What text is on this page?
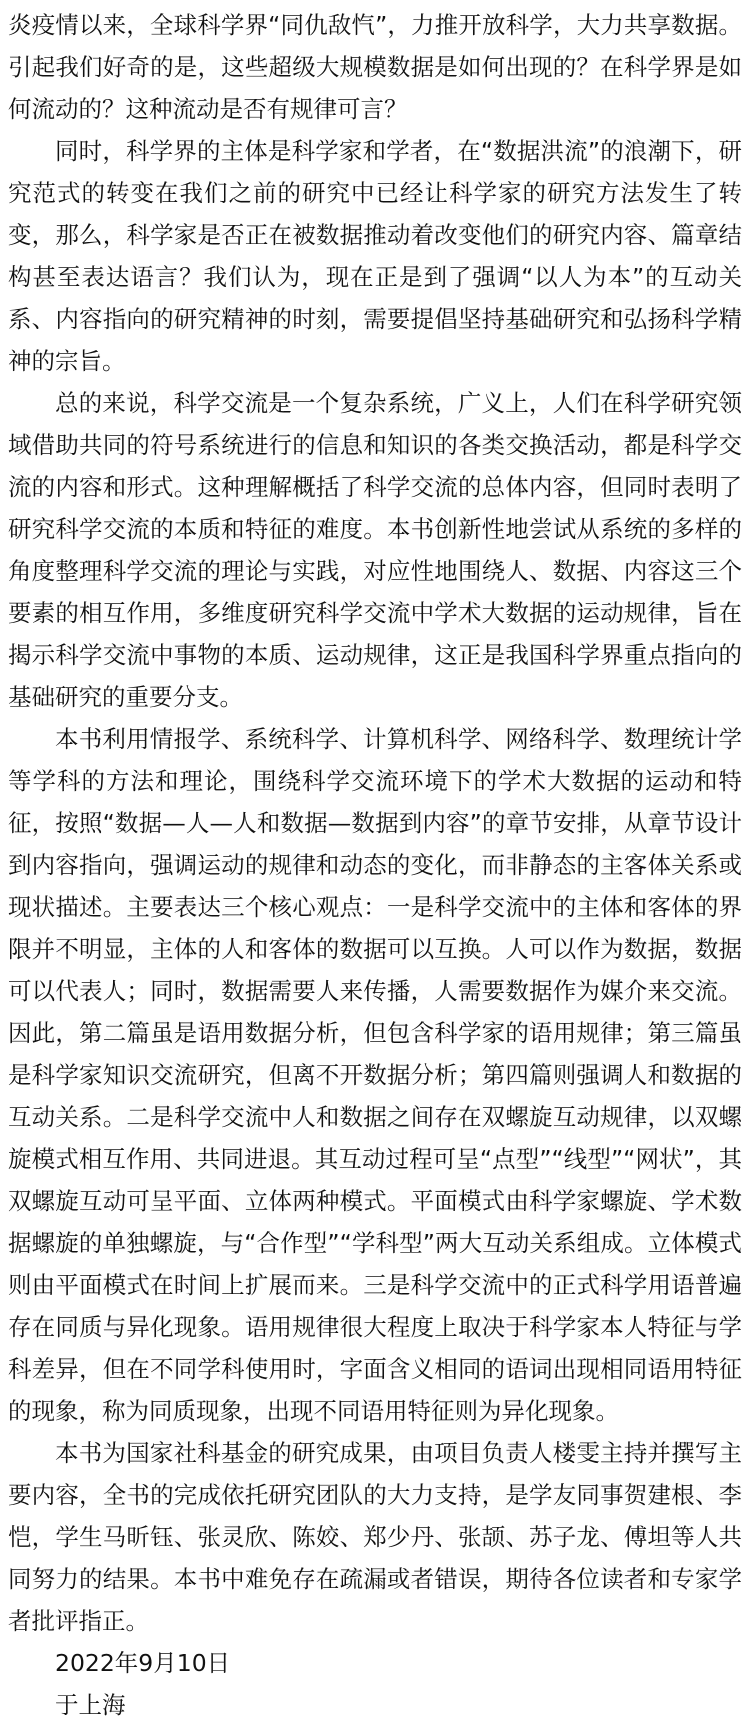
炎疫情以来，全球科学界“同仇敌忾”，力推开放科学，大力共享数据。引起我们好奇的是，这些超级大规模数据是如何出现的？在科学界是如何流动的？这种流动是否有规律可言？

同时，科学界的主体是科学家和学者，在“数据洪流”的浪潮下，研究范式的转变在我们之前的研究中已经让科学家的研究方法发生了转变，那么，科学家是否正在被数据推动着改变他们的研究内容、篇章结构甚至表达语言？我们认为，现在正是到了强调“以人为本”的互动关系、内容指向的研究精神的时刻，需要提倡坚持基础研究和弘扬科学精神的宗旨。

总的来说，科学交流是一个复杂系统，广义上，人们在科学研究领域借助共同的符号系统进行的信息和知识的各类交换活动，都是科学交流的内容和形式。这种理解概括了科学交流的总体内容，但同时表明了研究科学交流的本质和特征的难度。本书创新性地尝试从系统的多样的角度整理科学交流的理论与实践，对应性地围绕人、数据、内容这三个要素的相互作用，多维度研究科学交流中学术大数据的运动规律，旨在揭示科学交流中事物的本质、运动规律，这正是我国科学界重点指向的基础研究的重要分支。

本书利用情报学、系统科学、计算机科学、网络科学、数理统计学等学科的方法和理论，围绕科学交流环境下的学术大数据的运动和特征，按照“数据—人—人和数据—数据到内容”的章节安排，从章节设计到内容指向，强调运动的规律和动态的变化，而非静态的主客体关系或现状描述。主要表达三个核心观点：一是科学交流中的主体和客体的界限并不明显，主体的人和客体的数据可以互换。人可以作为数据，数据可以代表人；同时，数据需要人来传播，人需要数据作为媒介来交流。因此，第二篇虽是语用数据分析，但包含科学家的语用规律；第三篇虽是科学家知识交流研究，但离不开数据分析；第四篇则强调人和数据的互动关系。二是科学交流中人和数据之间存在双螺旋互动规律，以双螺旋模式相互作用、共同进退。其互动过程可呈“点型”“线型”“网状”，其双螺旋互动可呈平面、立体两种模式。平面模式由科学家螺旋、学术数据螺旋的单独螺旋，与“合作型”“学科型”两大互动关系组成。立体模式则由平面模式在时间上扩展而来。三是科学交流中的正式科学用语普遍存在同质与异化现象。语用规律很大程度上取决于科学家本人特征与学科差异，但在不同学科使用时，字面含义相同的语词出现相同语用特征的现象，称为同质现象，出现不同语用特征则为异化现象。

本书为国家社科基金的研究成果，由项目负责人楼雯主持并撰写主要内容，全书的完成依托研究团队的大力支持，是学友同事贺建根、李恺，学生马昕钰、张灵欣、陈姣、郑少丹、张颉、苏子龙、傅坦等人共同努力的结果。本书中难免存在疏漏或者错误，期待各位读者和专家学者批评指正。

2022年9月10日

于上海
